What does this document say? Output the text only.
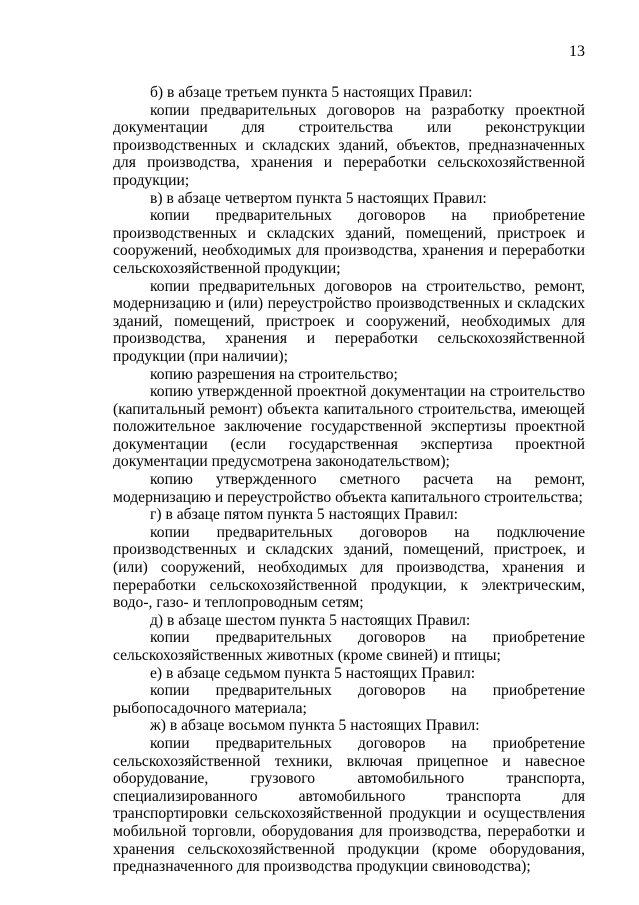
13

б) в абзаце третьем пункта 5 настоящих Правил:

копии предварительных договоров на разработку проектной документации для строительства или реконструкции производственных и складских зданий, объектов, предназначенных для производства, хранения и переработки сельскохозяйственной продукции;

в) в абзаце четвертом пункта 5 настоящих Правил:

копии предварительных договоров на приобретение производственных и складских зданий, помещений, пристроек и сооружений, необходимых для производства, хранения и переработки сельскохозяйственной продукции;

копии предварительных договоров на строительство, ремонт, модернизацию и (или) переустройство производственных и складских зданий, помещений, пристроек и сооружений, необходимых для производства, хранения и переработки сельскохозяйственной продукции (при наличии);

копию разрешения на строительство;

копию утвержденной проектной документации на строительство (капитальный ремонт) объекта капитального строительства, имеющей положительное заключение государственной экспертизы проектной документации (если государственная экспертиза проектной документации предусмотрена законодательством);

копию утвержденного сметного расчета на ремонт, модернизацию и переустройство объекта капитального строительства;

г) в абзаце пятом пункта 5 настоящих Правил:

копии предварительных договоров на подключение производственных и складских зданий, помещений, пристроек, и (или) сооружений, необходимых для производства, хранения и переработки сельскохозяйственной продукции, к электрическим, водо-, газо- и теплопроводным сетям;

д) в абзаце шестом пункта 5 настоящих Правил:

копии предварительных договоров на приобретение сельскохозяйственных животных (кроме свиней) и птицы;

е) в абзаце седьмом пункта 5 настоящих Правил:

копии предварительных договоров на приобретение рыбопосадочного материала;

ж) в абзаце восьмом пункта 5 настоящих Правил:

копии предварительных договоров на приобретение сельскохозяйственной техники, включая прицепное и навесное оборудование, грузового автомобильного транспорта, специализированного автомобильного транспорта для транспортировки сельскохозяйственной продукции и осуществления мобильной торговли, оборудования для производства, переработки и хранения сельскохозяйственной продукции (кроме оборудования, предназначенного для производства продукции свиноводства);
